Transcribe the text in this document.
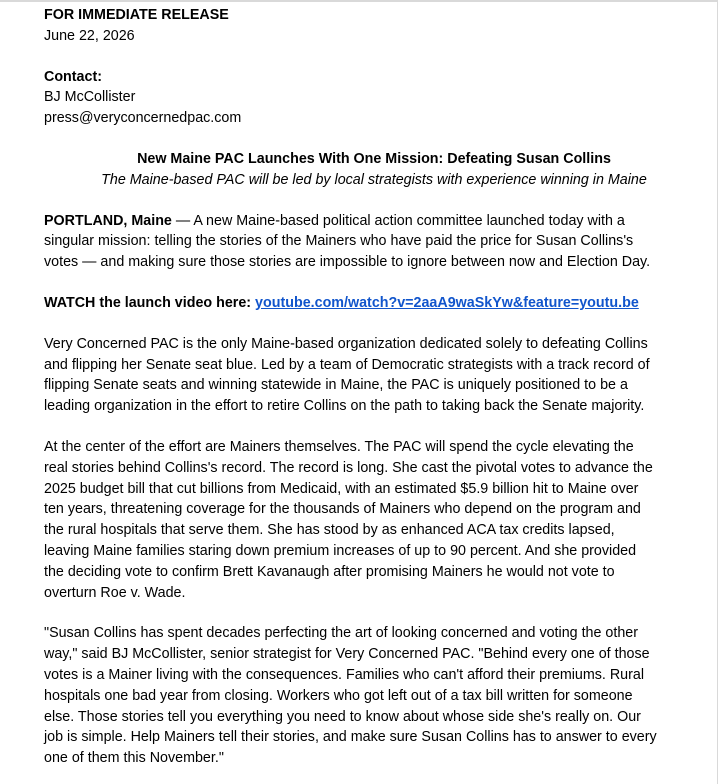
FOR IMMEDIATE RELEASE

June 22, 2026

Contact:

BJ McCollister

press@veryconcernedpac.com

New Maine PAC Launches With One Mission: Defeating Susan Collins

The Maine-based PAC will be led by local strategists with experience winning in Maine

PORTLAND, Maine — A new Maine-based political action committee launched today with a

singular mission: telling the stories of the Mainers who have paid the price for Susan Collins's

votes — and making sure those stories are impossible to ignore between now and Election Day.

WATCH the launch video here: youtube.com/watch?v=2aaA9waSkYw&feature=youtu.be

Very Concerned PAC is the only Maine-based organization dedicated solely to defeating Collins

and flipping her Senate seat blue. Led by a team of Democratic strategists with a track record of

flipping Senate seats and winning statewide in Maine, the PAC is uniquely positioned to be a

leading organization in the effort to retire Collins on the path to taking back the Senate majority.

At the center of the effort are Mainers themselves. The PAC will spend the cycle elevating the

real stories behind Collins's record. The record is long. She cast the pivotal votes to advance the

2025 budget bill that cut billions from Medicaid, with an estimated $5.9 billion hit to Maine over

ten years, threatening coverage for the thousands of Mainers who depend on the program and

the rural hospitals that serve them. She has stood by as enhanced ACA tax credits lapsed,

leaving Maine families staring down premium increases of up to 90 percent. And she provided

the deciding vote to confirm Brett Kavanaugh after promising Mainers he would not vote to

overturn Roe v. Wade.

"Susan Collins has spent decades perfecting the art of looking concerned and voting the other

way," said BJ McCollister, senior strategist for Very Concerned PAC. "Behind every one of those

votes is a Mainer living with the consequences. Families who can't afford their premiums. Rural

hospitals one bad year from closing. Workers who got left out of a tax bill written for someone

else. Those stories tell you everything you need to know about whose side she's really on. Our

job is simple. Help Mainers tell their stories, and make sure Susan Collins has to answer to every

one of them this November."
